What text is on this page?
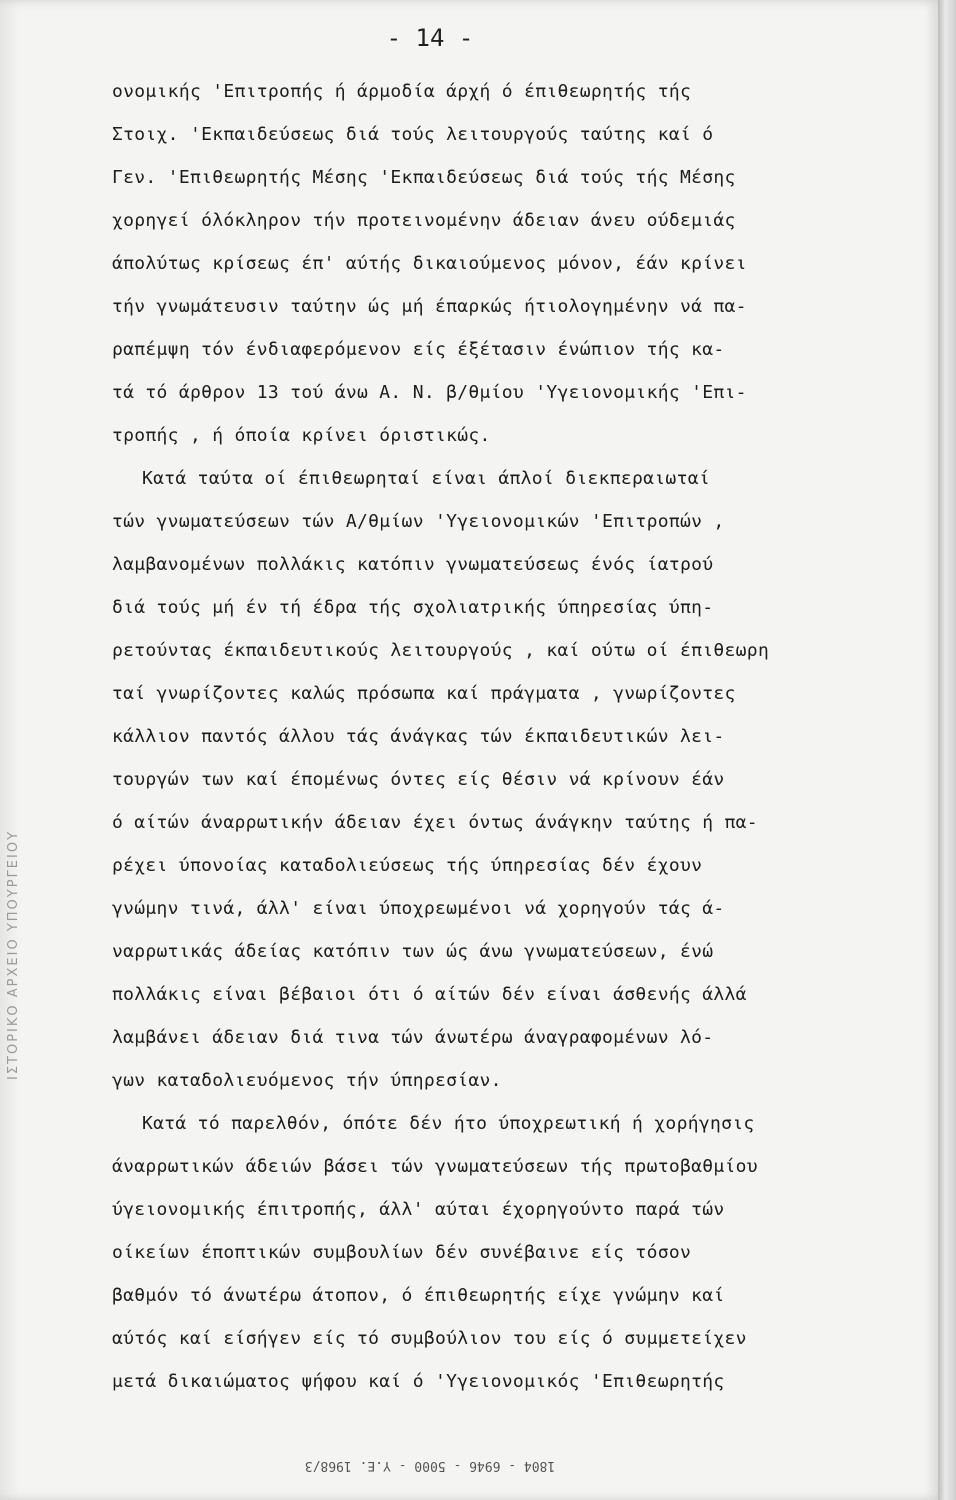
- 14 -
ονομικής 'Επιτροπής ή άρμοδία άρχή ό έπιθεωρητής τής
Στοιχ. 'Εκπαιδεύσεως διά τούς λειτουργούς ταύτης καί ό
Γεν. 'Επιθεωρητής Μέσης 'Εκπαιδεύσεως διά τούς τής Μέσης
χορηγεί όλόκληρον τήν προτεινομένην άδειαν άνευ ούδεμιάς
άπολύτως κρίσεως έπ' αύτής δικαιούμενος μόνον, έάν κρίνει
τήν γνωμάτευσιν ταύτην ώς μή έπαρκώς ήτιολογημένην νά πα-
ραπέμψη τόν ένδιαφερόμενον είς έξέτασιν ένώπιον τής κα-
τά τό άρθρον 13 τού άνω Α. Ν. β/θμίου 'Υγειονομικής 'Επι-
τροπής , ή όποία κρίνει όριστικώς.
Κατά ταύτα οί έπιθεωρηταί είναι άπλοί διεκπεραιωταί
τών γνωματεύσεων τών Α/θμίων 'Υγειονομικών 'Επιτροπών ,
λαμβανομένων πολλάκις κατόπιν γνωματεύσεως ένός ίατρού
διά τούς μή έν τή έδρα τής σχολιατρικής ύπηρεσίας ύπη-
ρετούντας έκπαιδευτικούς λειτουργούς , καί ούτω οί έπιθεωρη
ταί γνωρίζοντες καλώς πρόσωπα καί πράγματα , γνωρίζοντες
κάλλιον παντός άλλου τάς άνάγκας τών έκπαιδευτικών λει-
τουργών των καί έπομένως όντες είς θέσιν νά κρίνουν έάν
ό αίτών άναρρωτικήν άδειαν έχει όντως άνάγκην ταύτης ή πα-
ρέχει ύπονοίας καταδολιεύσεως τής ύπηρεσίας δέν έχουν
γνώμην τινά, άλλ' είναι ύποχρεωμένοι νά χορηγούν τάς ά-
ναρρωτικάς άδείας κατόπιν των ώς άνω γνωματεύσεων, ένώ
πολλάκις είναι βέβαιοι ότι ό αίτών δέν είναι άσθενής άλλά
λαμβάνει άδειαν διά τινα τών άνωτέρω άναγραφομένων λό-
γων καταδολιευόμενος τήν ύπηρεσίαν.
Κατά τό παρελθόν, όπότε δέν ήτο ύποχρεωτική ή χορήγησις
άναρρωτικών άδειών βάσει τών γνωματεύσεων τής πρωτοβαθμίου
ύγειονομικής έπιτροπής, άλλ' αύται έχορηγούντο παρά τών
οίκείων έποπτικών συμβουλίων δέν συνέβαινε είς τόσον
βαθμόν τό άνωτέρω άτοπον, ό έπιθεωρητής είχε γνώμην καί
αύτός καί είσήγεν είς τό συμβούλιον του είς ό συμμετείχεν
μετά δικαιώματος ψήφου καί ό 'Υγειονομικός 'Επιθεωρητής
1804 - 6946 - 5000 - Υ.Ε. 1968/3
ΙΣΤΟΡΙΚΟ ΑΡΧΕΙΟ ΥΠΟΥΡΓΕΙΟΥ
